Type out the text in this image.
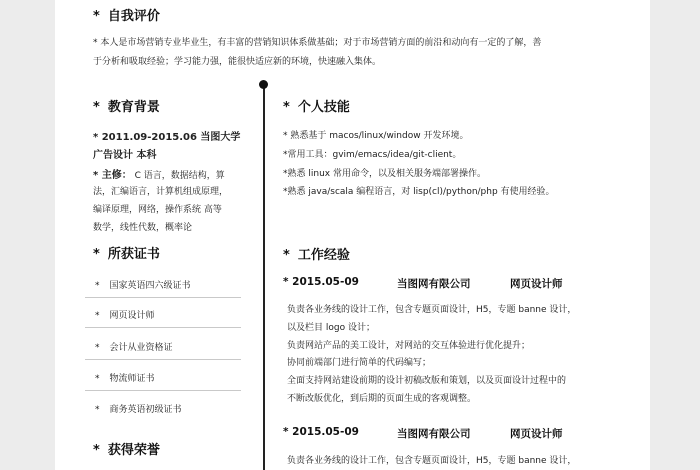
* 自我评价
* 本人是市场营销专业毕业生，有丰富的营销知识体系做基础；对于市场营销方面的前沿和动向有一定的了解，善
于分析和吸取经验；学习能力强，能很快适应新的环境，快速融入集体。
* 教育背景
* 2011.09-2015.06 当图大学
广告设计 本科
* 主修： C 语言，数据结构，算
法，汇编语言，计算机组成原理，
编译原理，网络，操作系统 高等
数学，线性代数，概率论
* 所获证书
* 国家英语四六级证书
* 网页设计师
* 会计从业资格证
* 物流师证书
* 商务英语初级证书
* 获得荣誉
* 个人技能
* 熟悉基于 macos/linux/window 开发环境。
*常用工具：gvim/emacs/idea/git-client。
*熟悉 linux 常用命令，以及相关服务端部署操作。
*熟悉 java/scala 编程语言，对 lisp(cl)/python/php 有使用经验。
* 工作经验
* 2015.05-09	当图网有限公司	网页设计师
负责各业务线的设计工作，包含专题页面设计，H5，专题 banne 设计，
以及栏目 logo 设计；
负责网站产品的美工设计，对网站的交互体验进行优化提升；
协同前端部门进行简单的代码编写；
全面支持网站建设前期的设计初稿改版和策划，以及页面设计过程中的
不断改版优化，到后期的页面生成的客观调整。
* 2015.05-09	当图网有限公司	网页设计师
负责各业务线的设计工作，包含专题页面设计，H5，专题 banne 设计，
